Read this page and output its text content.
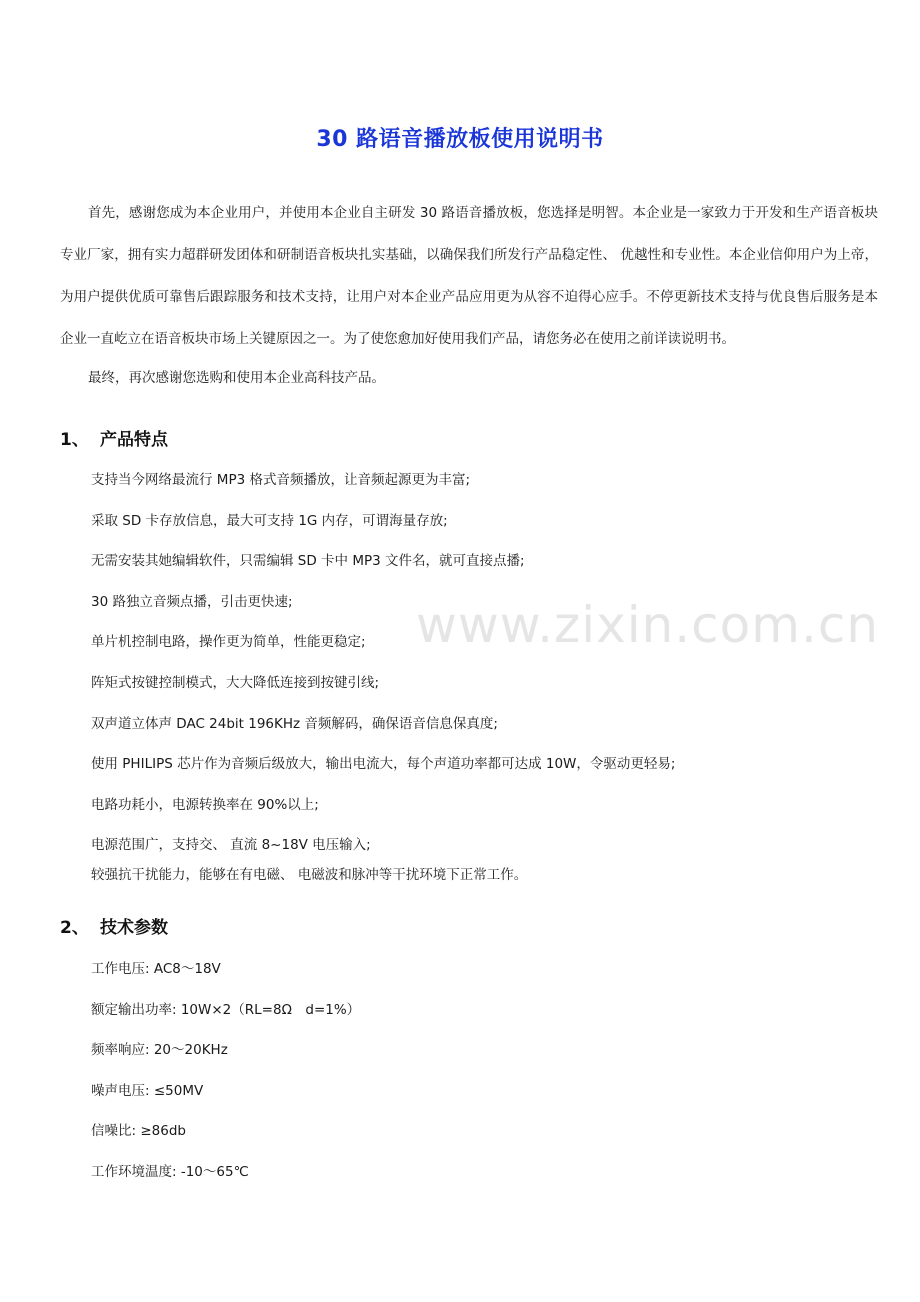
30 路语音播放板使用说明书

首先，感谢您成为本企业用户，并使用本企业自主研发 30 路语音播放板，您选择是明智。本企业是一家致力于开发和生产语音板块专业厂家，拥有实力超群研发团体和研制语音板块扎实基础，以确保我们所发行产品稳定性、 优越性和专业性。本企业信仰用户为上帝，为用户提供优质可靠售后跟踪服务和技术支持，让用户对本企业产品应用更为从容不迫得心应手。不停更新技术支持与优良售后服务是本企业一直屹立在语音板块市场上关键原因之一。为了使您愈加好使用我们产品，请您务必在使用之前详读说明书。

最终，再次感谢您选购和使用本企业高科技产品。

1、 产品特点
支持当今网络最流行 MP3 格式音频播放，让音频起源更为丰富;
采取 SD 卡存放信息，最大可支持 1G 内存，可谓海量存放;
无需安装其她编辑软件，只需编辑 SD 卡中 MP3 文件名，就可直接点播;
30 路独立音频点播，引击更快速;
单片机控制电路，操作更为简单，性能更稳定;
阵矩式按键控制模式，大大降低连接到按键引线;
双声道立体声 DAC 24bit 196KHz 音频解码，确保语音信息保真度;
使用 PHILIPS 芯片作为音频后级放大，输出电流大，每个声道功率都可达成 10W，令驱动更轻易;
电路功耗小，电源转换率在 90%以上;
电源范围广，支持交、 直流 8~18V 电压输入;
较强抗干扰能力，能够在有电磁、 电磁波和脉冲等干扰环境下正常工作。
2、 技术参数
工作电压: AC8～18V
额定输出功率: 10W×2（RL=8Ω　d=1%）
频率响应: 20～20KHz
噪声电压: ≤50MV
信噪比: ≥86db
工作环境温度: -10～65℃
www.zixin.com.cn
